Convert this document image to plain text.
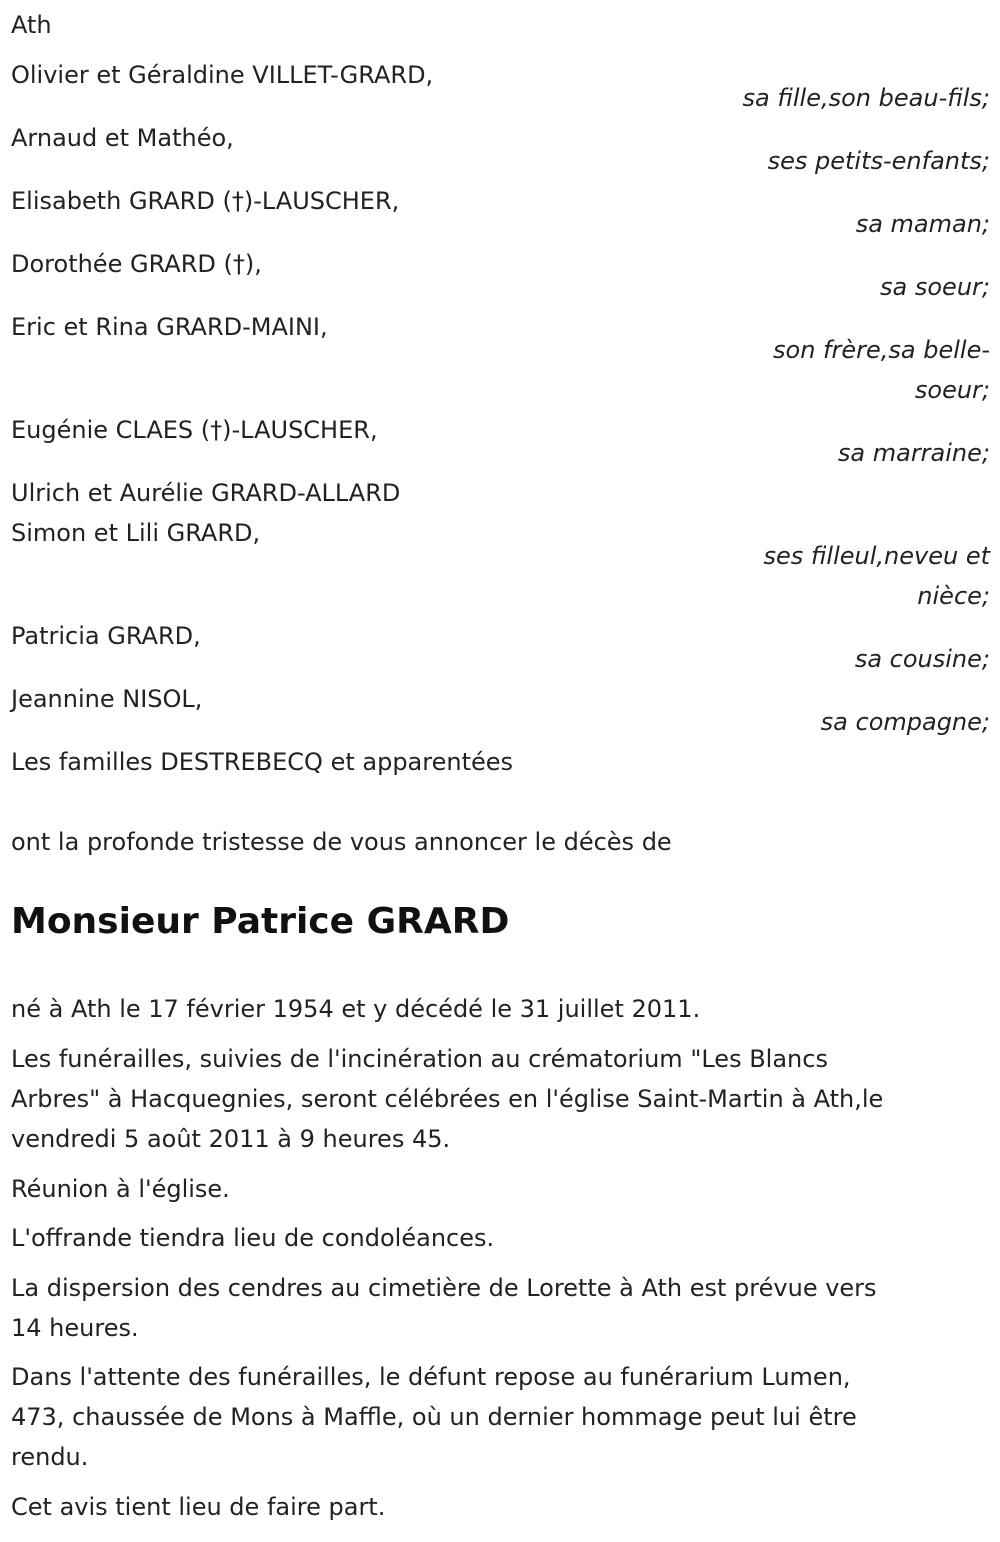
Ath
Olivier et Géraldine VILLET-GRARD,
sa fille,son beau-fils;
Arnaud et Mathéo,
ses petits-enfants;
Elisabeth GRARD (†)-LAUSCHER,
sa maman;
Dorothée GRARD (†),
sa soeur;
Eric et Rina GRARD-MAINI,
son frère,sa belle-
soeur;
Eugénie CLAES (†)-LAUSCHER,
sa marraine;
Ulrich et Aurélie GRARD-ALLARD
Simon et Lili GRARD,
ses filleul,neveu et
nièce;
Patricia GRARD,
sa cousine;
Jeannine NISOL,
sa compagne;
Les familles DESTREBECQ et apparentées
ont la profonde tristesse de vous annoncer le décès de
Monsieur Patrice GRARD
né à Ath le 17 février 1954 et y décédé le 31 juillet 2011.
Les funérailles, suivies de l'incinération au crématorium "Les Blancs
Arbres" à Hacquegnies, seront célébrées en l'église Saint-Martin à Ath,le
vendredi 5 août 2011 à 9 heures 45.
Réunion à l'église.
L'offrande tiendra lieu de condoléances.
La dispersion des cendres au cimetière de Lorette à Ath est prévue vers
14 heures.
Dans l'attente des funérailles, le défunt repose au funérarium Lumen,
473, chaussée de Mons à Maffle, où un dernier hommage peut lui être
rendu.
Cet avis tient lieu de faire part.
